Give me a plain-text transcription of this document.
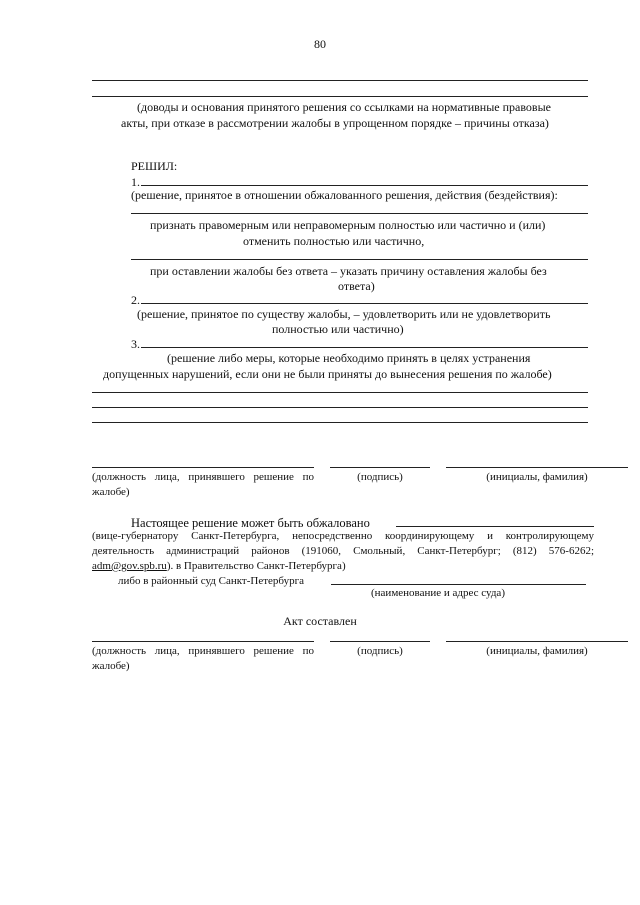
80
(доводы и основания принятого решения со ссылками на нормативные правовые
акты, при отказе в рассмотрении жалобы в упрощенном порядке – причины отказа)
РЕШИЛ:
1.
(решение, принятое в отношении обжалованного решения, действия (бездействия):
признать правомерным или неправомерным полностью или частично и (или)
отменить полностью или частично,
при оставлении жалобы без ответа – указать причину оставления жалобы без
ответа)
2.
(решение, принятое по существу жалобы, – удовлетворить или не удовлетворить
полностью или частично)
3.
(решение либо меры, которые необходимо принять в целях устранения
допущенных нарушений, если они не были приняты до вынесения решения по жалобе)
(должность лица, принявшего решение по
жалобе)
(подпись)	(инициалы, фамилия)
Настоящее решение может быть обжаловано
(вице-губернатору Санкт-Петербурга, непосредственно координирующему и контролирующему
деятельность администраций районов (191060, Смольный, Санкт-Петербург; (812) 576-6262;
adm@gov.spb.ru). в Правительство Санкт-Петербурга)
либо в районный суд Санкт-Петербурга
(наименование и адрес суда)
Акт составлен
(должность лица, принявшего решение по
жалобе)
(подпись)	(инициалы, фамилия)
